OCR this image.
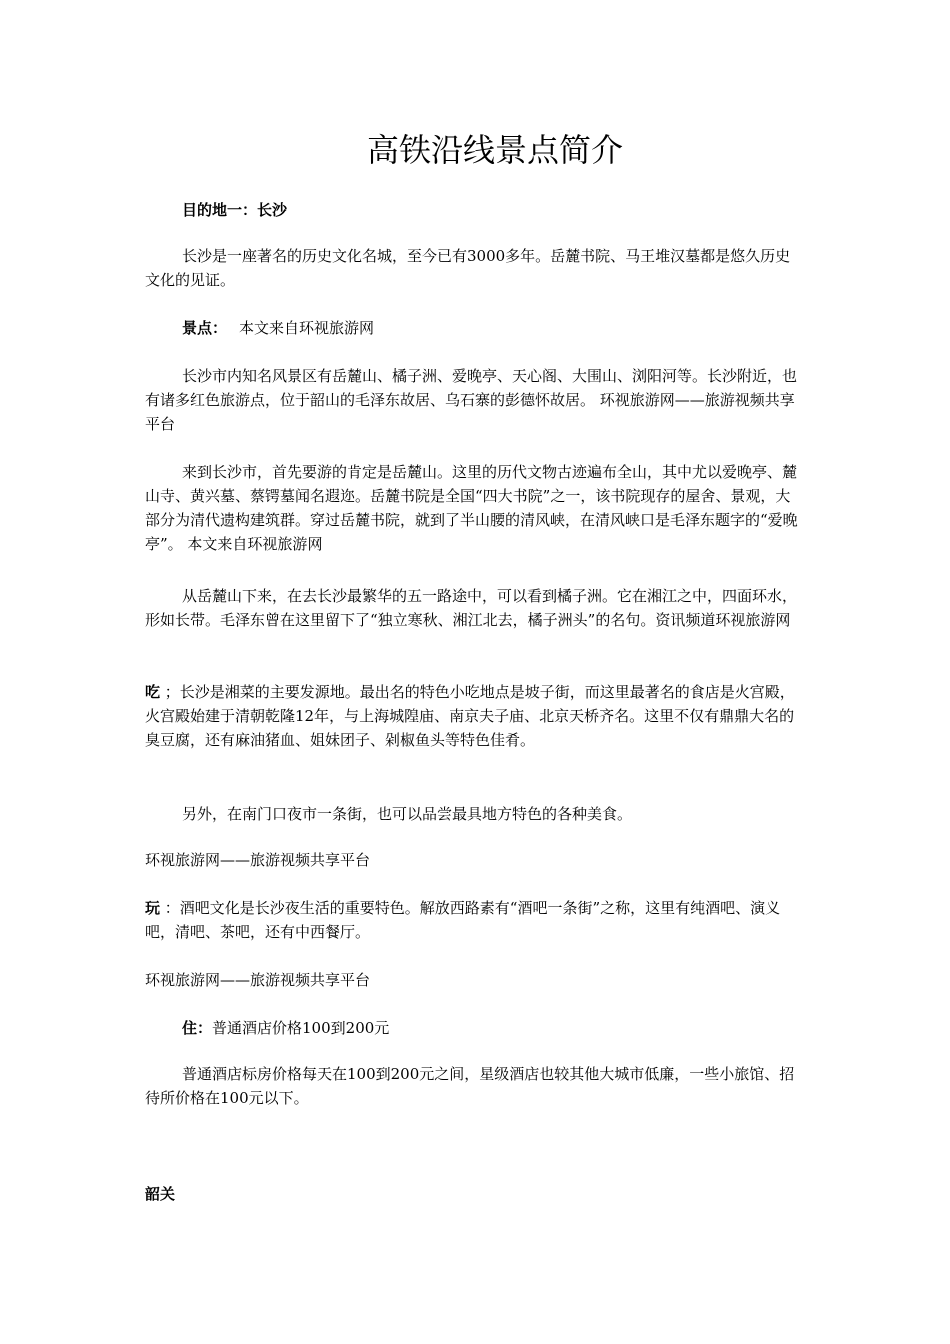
高铁沿线景点简介

目的地一：长沙

长沙是一座著名的历史文化名城，至今已有3000多年。岳麓书院、马王堆汉墓都是悠久历史文化的见证。

景点： 本文来自环视旅游网

长沙市内知名风景区有岳麓山、橘子洲、爱晚亭、天心阁、大围山、浏阳河等。长沙附近，也有诸多红色旅游点，位于韶山的毛泽东故居、乌石寨的彭德怀故居。 环视旅游网——旅游视频共享平台

来到长沙市，首先要游的肯定是岳麓山。这里的历代文物古迹遍布全山，其中尤以爱晚亭、麓山寺、黄兴墓、蔡锷墓闻名遐迩。岳麓书院是全国“四大书院”之一，该书院现存的屋舍、景观，大部分为清代遗构建筑群。穿过岳麓书院，就到了半山腰的清风峡，在清风峡口是毛泽东题字的“爱晚亭”。 本文来自环视旅游网

从岳麓山下来，在去长沙最繁华的五一路途中，可以看到橘子洲。它在湘江之中，四面环水，形如长带。毛泽东曾在这里留下了“独立寒秋、湘江北去，橘子洲头”的名句。资讯频道环视旅游网

吃 ；长沙是湘菜的主要发源地。最出名的特色小吃地点是坡子街，而这里最著名的食店是火宫殿，火宫殿始建于清朝乾隆12年，与上海城隍庙、南京夫子庙、北京天桥齐名。这里不仅有鼎鼎大名的臭豆腐，还有麻油猪血、姐妹团子、剁椒鱼头等特色佳肴。

另外，在南门口夜市一条街，也可以品尝最具地方特色的各种美食。

环视旅游网——旅游视频共享平台

玩 ：酒吧文化是长沙夜生活的重要特色。解放西路素有“酒吧一条街”之称，这里有纯酒吧、演义吧，清吧、茶吧，还有中西餐厅。

环视旅游网——旅游视频共享平台

住：普通酒店价格100到200元

普通酒店标房价格每天在100到200元之间，星级酒店也较其他大城市低廉，一些小旅馆、招待所价格在100元以下。

韶关
